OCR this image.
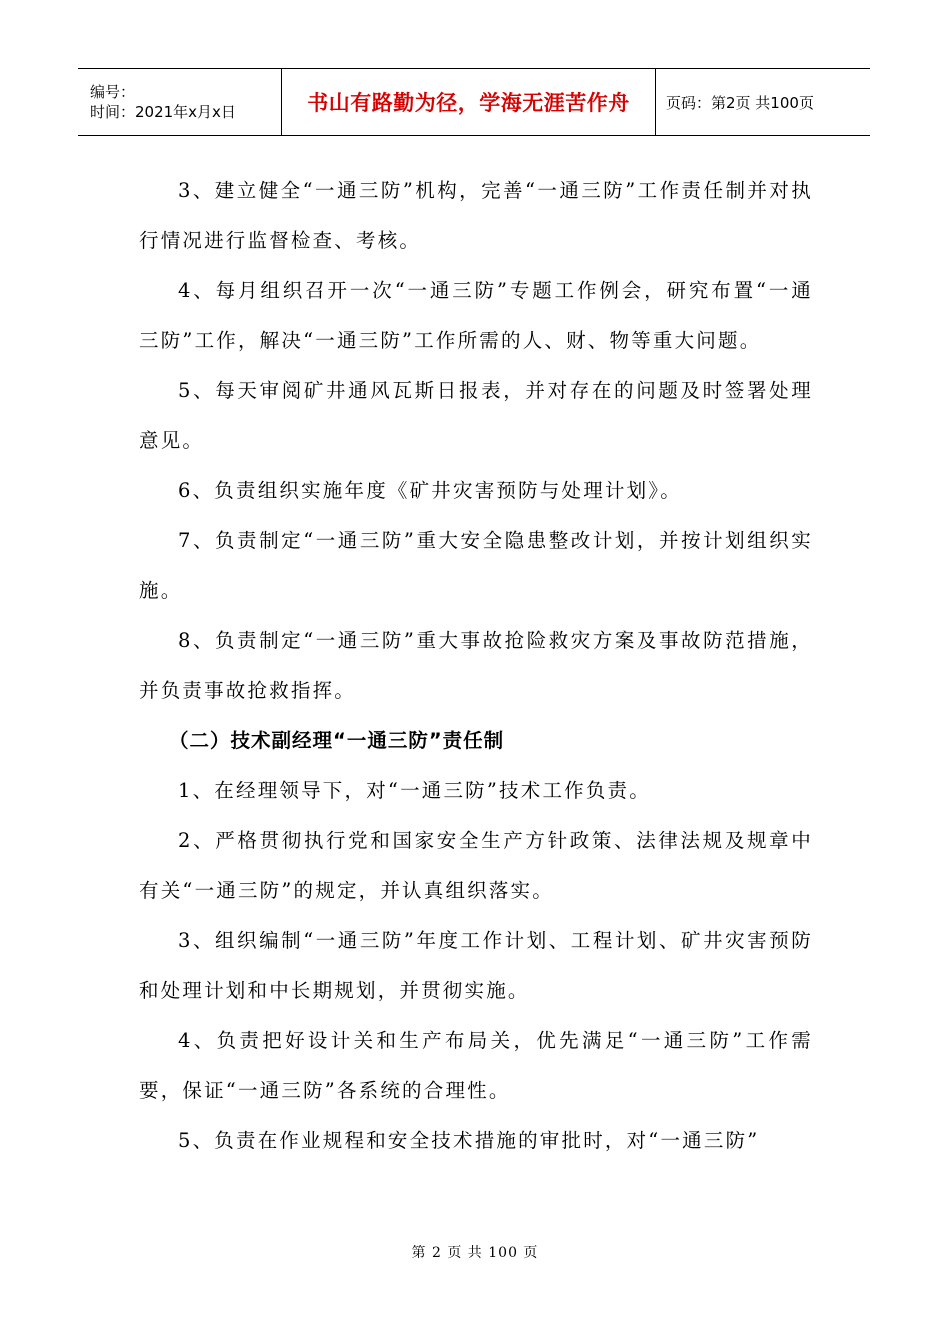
编号：
时间：2021年x月x日	书山有路勤为径，学海无涯苦作舟	页码：第2页 共100页

3、建立健全“一通三防”机构，完善“一通三防”工作责任制并对执行情况进行监督检查、考核。

4、每月组织召开一次“一通三防”专题工作例会，研究布置“一通三防”工作，解决“一通三防”工作所需的人、财、物等重大问题。

5、每天审阅矿井通风瓦斯日报表，并对存在的问题及时签署处理意见。

6、负责组织实施年度《矿井灾害预防与处理计划》。

7、负责制定“一通三防”重大安全隐患整改计划，并按计划组织实施。

8、负责制定“一通三防”重大事故抢险救灾方案及事故防范措施，并负责事故抢救指挥。

（二）技术副经理“一通三防”责任制

1、在经理领导下，对“一通三防”技术工作负责。

2、严格贯彻执行党和国家安全生产方针政策、法律法规及规章中有关“一通三防”的规定，并认真组织落实。

3、组织编制“一通三防”年度工作计划、工程计划、矿井灾害预防和处理计划和中长期规划，并贯彻实施。

4、负责把好设计关和生产布局关，优先满足“一通三防”工作需要，保证“一通三防”各系统的合理性。

5、负责在作业规程和安全技术措施的审批时，对“一通三防”

第 2 页 共 100 页
